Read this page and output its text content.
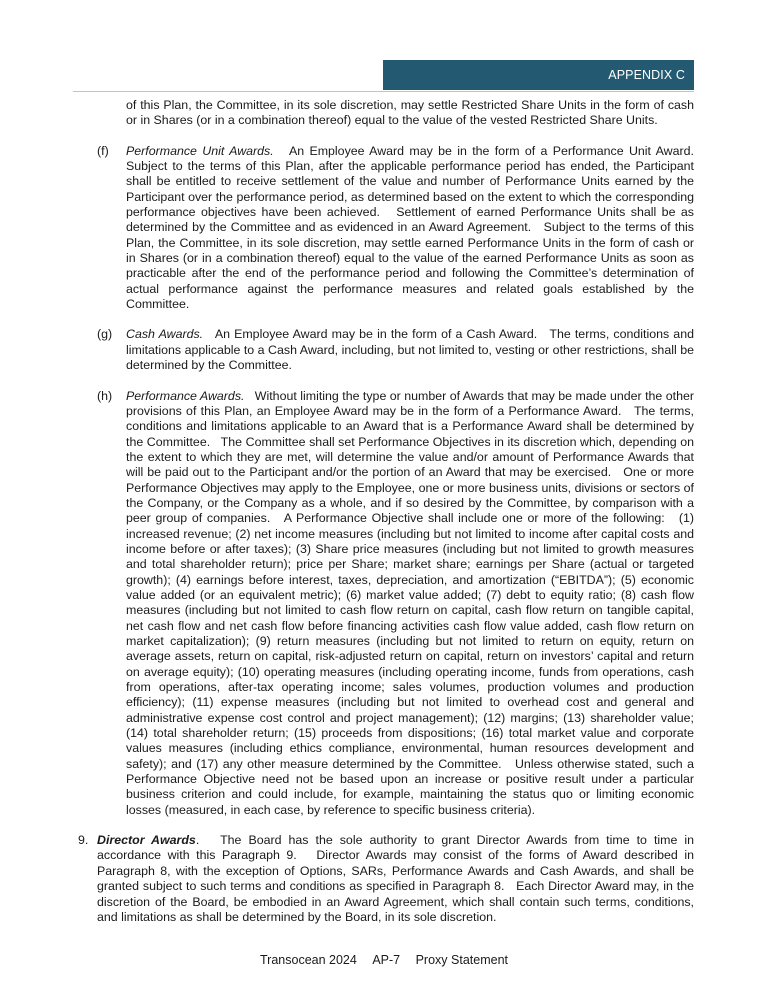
APPENDIX C

of this Plan, the Committee, in its sole discretion, may settle Restricted Share Units in the form of cash or in Shares (or in a combination thereof) equal to the value of the vested Restricted Share Units.

(f) Performance Unit Awards. An Employee Award may be in the form of a Performance Unit Award. Subject to the terms of this Plan, after the applicable performance period has ended, the Participant shall be entitled to receive settlement of the value and number of Performance Units earned by the Participant over the performance period, as determined based on the extent to which the corresponding performance objectives have been achieved.   Settlement of earned Performance Units shall be as determined by the Committee and as evidenced in an Award Agreement.   Subject to the terms of this Plan, the Committee, in its sole discretion, may settle earned Performance Units in the form of cash or in Shares (or in a combination thereof) equal to the value of the earned Performance Units as soon as practicable after the end of the performance period and following the Committee’s determination of actual performance against the performance measures and related goals established by the Committee.

(g) Cash Awards. An Employee Award may be in the form of a Cash Award.   The terms, conditions and limitations applicable to a Cash Award, including, but not limited to, vesting or other restrictions, shall be determined by the Committee.

(h) Performance Awards. Without limiting the type or number of Awards that may be made under the other provisions of this Plan, an Employee Award may be in the form of a Performance Award.   The terms, conditions and limitations applicable to an Award that is a Performance Award shall be determined by the Committee.   The Committee shall set Performance Objectives in its discretion which, depending on the extent to which they are met, will determine the value and/or amount of Performance Awards that will be paid out to the Participant and/or the portion of an Award that may be exercised.   One or more Performance Objectives may apply to the Employee, one or more business units, divisions or sectors of the Company, or the Company as a whole, and if so desired by the Committee, by comparison with a peer group of companies.   A Performance Objective shall include one or more of the following:   (1) increased revenue; (2) net income measures (including but not limited to income after capital costs and income before or after taxes); (3) Share price measures (including but not limited to growth measures and total shareholder return); price per Share; market share; earnings per Share (actual or targeted growth); (4) earnings before interest, taxes, depreciation, and amortization (“EBITDA”); (5) economic value added (or an equivalent metric); (6) market value added; (7) debt to equity ratio; (8) cash flow measures (including but not limited to cash flow return on capital, cash flow return on tangible capital, net cash flow and net cash flow before financing activities cash flow value added, cash flow return on market capitalization); (9) return measures (including but not limited to return on equity, return on average assets, return on capital, risk-adjusted return on capital, return on investors’ capital and return on average equity); (10) operating measures (including operating income, funds from operations, cash from operations, after-tax operating income; sales volumes, production volumes and production efficiency); (11) expense measures (including but not limited to overhead cost and general and administrative expense cost control and project management); (12) margins; (13) shareholder value; (14) total shareholder return; (15) proceeds from dispositions; (16) total market value and corporate values measures (including ethics compliance, environmental, human resources development and safety); and (17) any other measure determined by the Committee.   Unless otherwise stated, such a Performance Objective need not be based upon an increase or positive result under a particular business criterion and could include, for example, maintaining the status quo or limiting economic losses (measured, in each case, by reference to specific business criteria).

9. Director Awards. The Board has the sole authority to grant Director Awards from time to time in accordance with this Paragraph 9.   Director Awards may consist of the forms of Award described in Paragraph 8, with the exception of Options, SARs, Performance Awards and Cash Awards, and shall be granted subject to such terms and conditions as specified in Paragraph 8.   Each Director Award may, in the discretion of the Board, be embodied in an Award Agreement, which shall contain such terms, conditions, and limitations as shall be determined by the Board, in its sole discretion.

Transocean 2024 AP-7 Proxy Statement
